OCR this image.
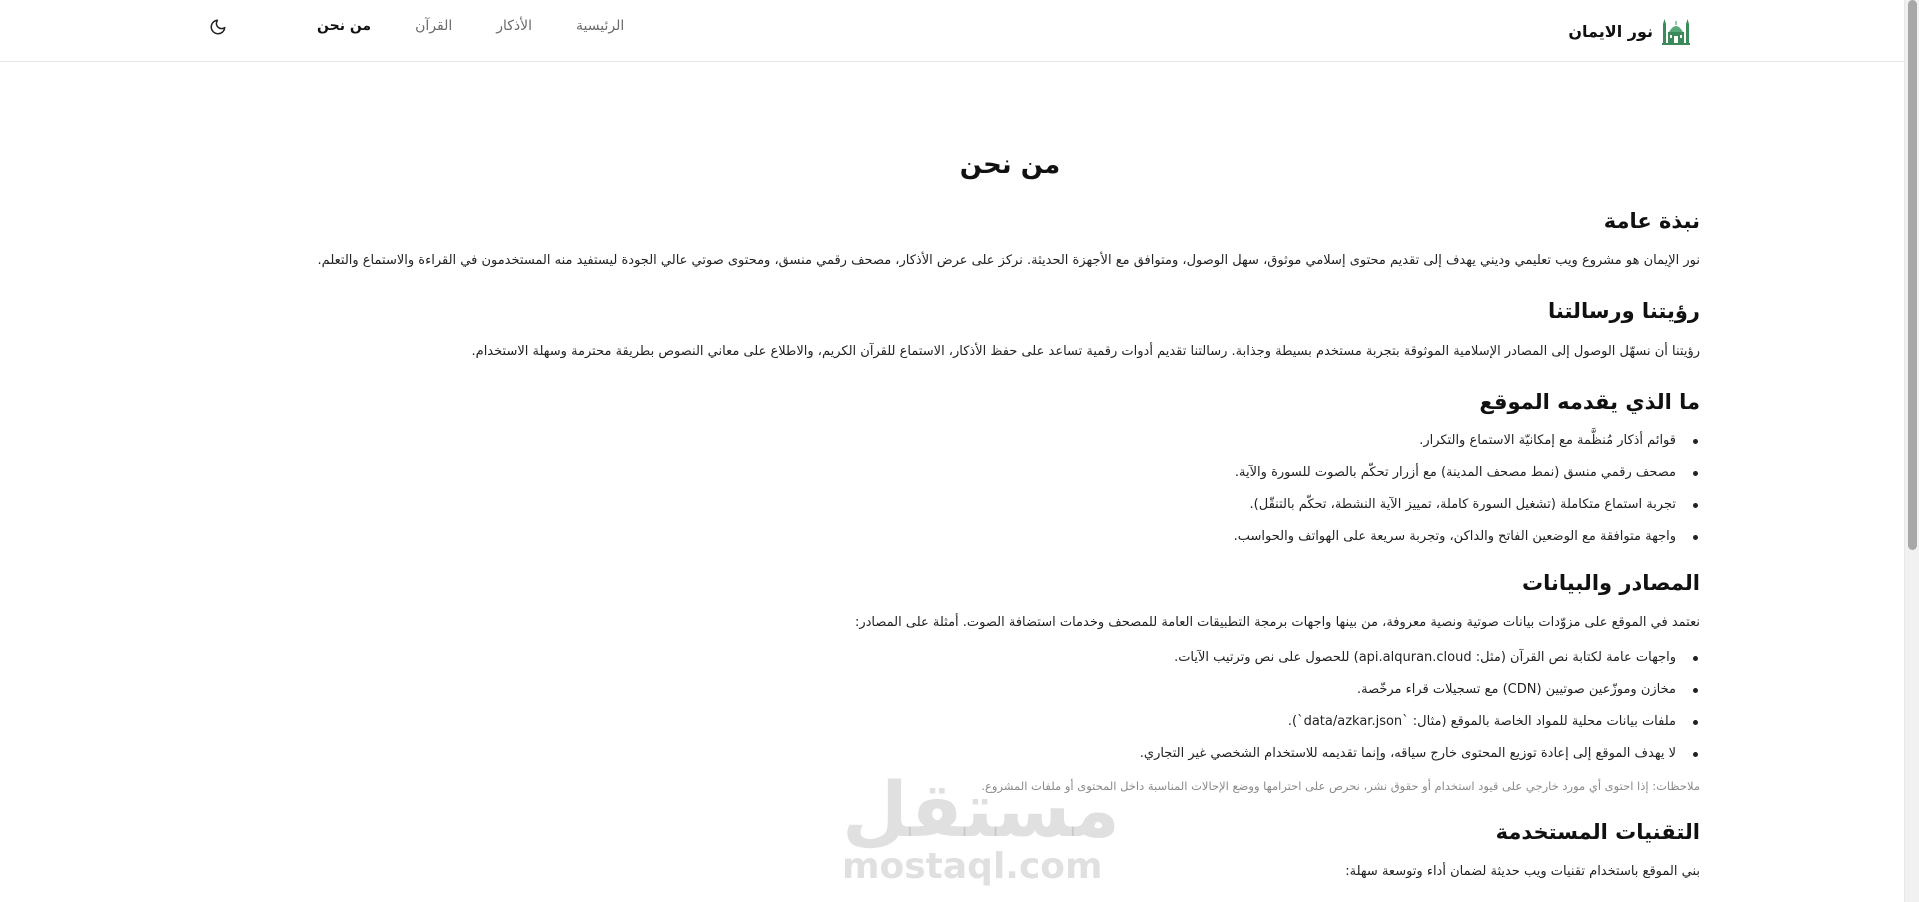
نور الايمان
الرئيسية
الأذكار
القرآن
من نحن
من نحن
نبذة عامة

نور الإيمان هو مشروع ويب تعليمي وديني يهدف إلى تقديم محتوى إسلامي موثوق، سهل الوصول، ومتوافق مع الأجهزة الحديثة. نركز على عرض الأذكار، مصحف رقمي منسق، ومحتوى صوتي عالي الجودة ليستفيد منه المستخدمون في القراءة والاستماع والتعلم.

رؤيتنا ورسالتنا

رؤيتنا أن نسهّل الوصول إلى المصادر الإسلامية الموثوقة بتجربة مستخدم بسيطة وجذابة. رسالتنا تقديم أدوات رقمية تساعد على حفظ الأذكار، الاستماع للقرآن الكريم، والاطلاع على معاني النصوص بطريقة محترمة وسهلة الاستخدام.

ما الذي يقدمه الموقع
قوائم أذكار مُنظَّمة مع إمكانيّة الاستماع والتكرار.
مصحف رقمي منسق (نمط مصحف المدينة) مع أزرار تحكّم بالصوت للسورة والآية.
تجربة استماع متكاملة (تشغيل السورة كاملة، تمييز الآية النشطة، تحكّم بالتنقّل).
واجهة متوافقة مع الوضعين الفاتح والداكن، وتجربة سريعة على الهواتف والحواسب.
المصادر والبيانات

نعتمد في الموقع على مزوّدات بيانات صوتية ونصية معروفة، من بينها واجهات برمجة التطبيقات العامة للمصحف وخدمات استضافة الصوت. أمثلة على المصادر:

واجهات عامة لكتابة نص القرآن (مثل: api.alquran.cloud) للحصول على نص وترتيب الآيات.
مخازن وموزّعين صوتيين (CDN) مع تسجيلات قراء مرخّصة.
ملفات بيانات محلية للمواد الخاصة بالموقع (مثال: `data/azkar.json`).
لا يهدف الموقع إلى إعادة توزيع المحتوى خارج سياقه، وإنما تقديمه للاستخدام الشخصي غير التجاري.

ملاحظات: إذا احتوى أي مورد خارجي على قيود استخدام أو حقوق نشر، نحرص على احترامها ووضع الإحالات المناسبة داخل المحتوى أو ملفات المشروع.

التقنيات المستخدمة

بني الموقع باستخدام تقنيات ويب حديثة لضمان أداء وتوسعة سهلة:

مستقل
mostaql.com
